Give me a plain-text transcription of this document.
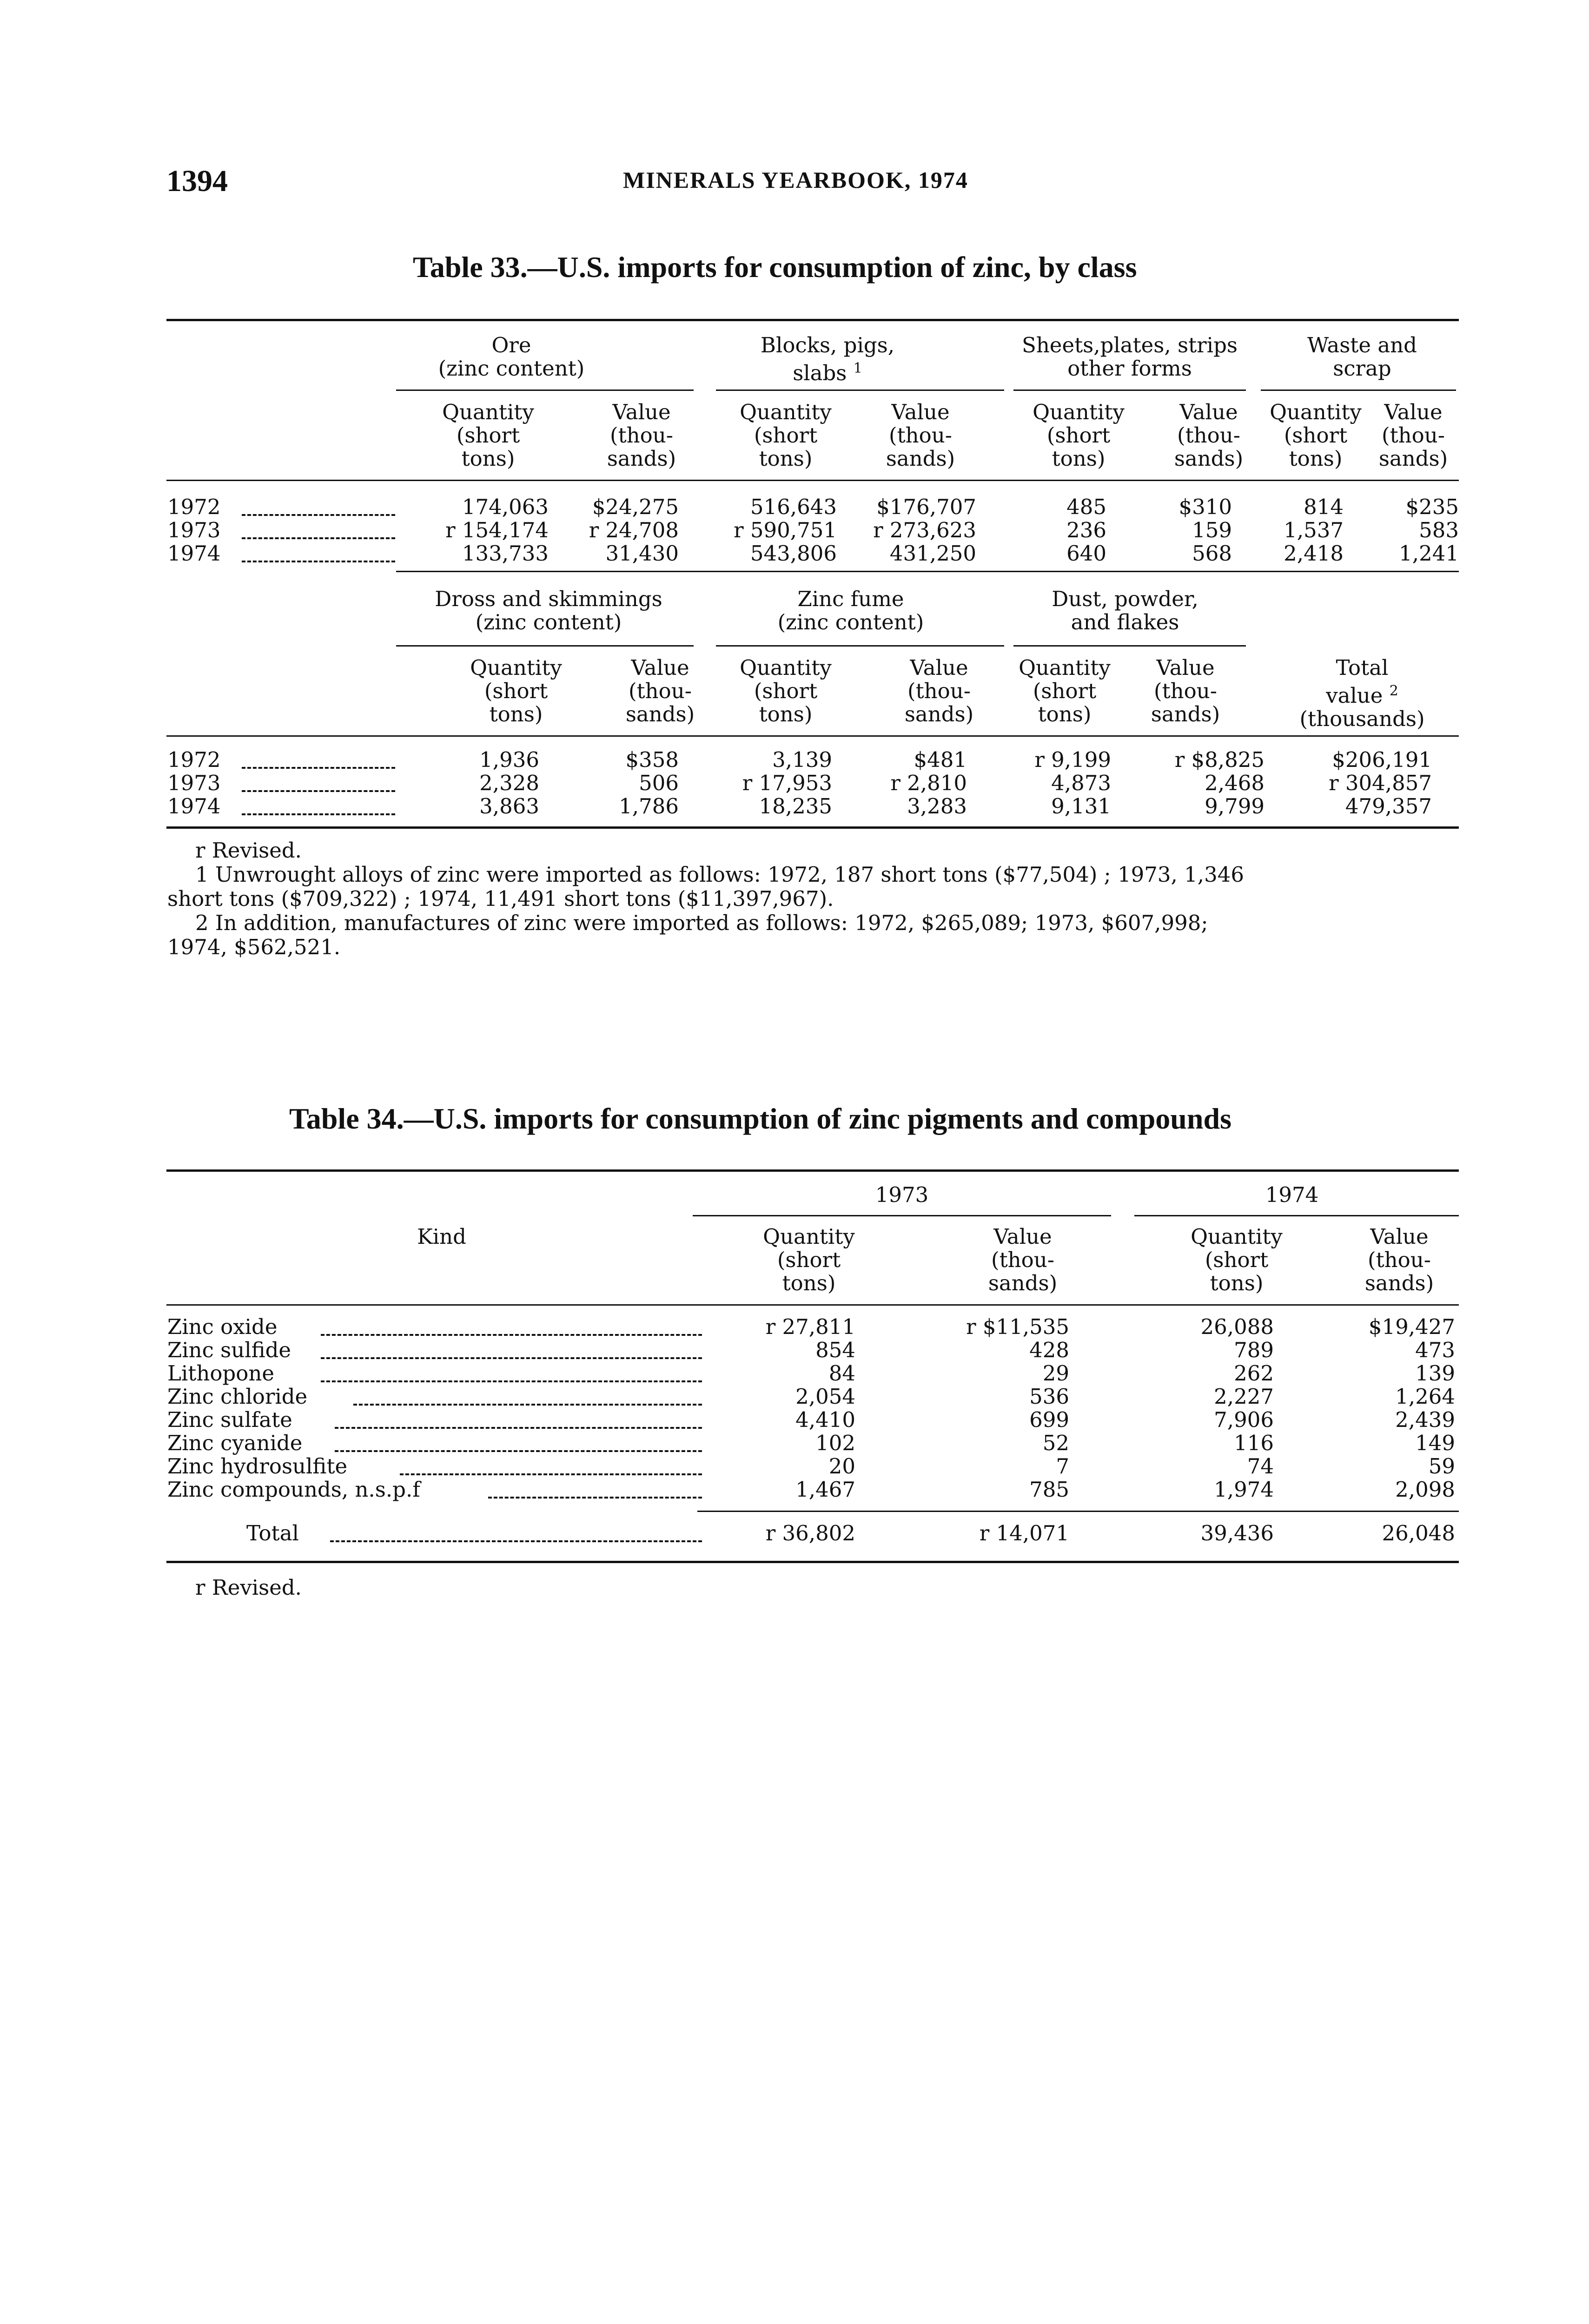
1394	MINERALS YEARBOOK, 1974
Table 33.—U.S. imports for consumption of zinc, by class
Ore
(zinc content)
Blocks, pigs,
slabs $^1$
Sheets,plates, strips
other forms
Waste and
scrap
Quantity
(short
tons)
Value
(thou-
sands)
Quantity
(short
tons)
Value
(thou-
sands)
Quantity
(short
tons)
Value
(thou-
sands)
Quantity
(short
tons)
Value
(thou-
sands)
1972	174,063	$24,275	516,643	$176,707	485	$310	814	$235
1973	r 154,174	r 24,708	r 590,751	r 273,623	236	159	1,537	583
1974	133,733	31,430	543,806	431,250	640	568	2,418	1,241
Dross and skimmings
(zinc content)
Zinc fume
(zinc content)
Dust, powder,
and flakes
Quantity
(short
tons)
Value
(thou-
sands)
Quantity
(short
tons)
Value
(thou-
sands)
Quantity
(short
tons)
Value
(thou-
sands)
Total
value $^2$
(thousands)
1972	1,936	$358	3,139	$481	r 9,199	r $8,825	$206,191
1973	2,328	506	r 17,953	r 2,810	4,873	2,468	r 304,857
1974	3,863	1,786	18,235	3,283	9,131	9,799	479,357
r Revised.
1 Unwrought alloys of zinc were imported as follows: 1972, 187 short tons ($77,504) ; 1973, 1,346
short tons ($709,322) ; 1974, 11,491 short tons ($11,397,967).
2 In addition, manufactures of zinc were imported as follows: 1972, $265,089; 1973, $607,998;
1974, $562,521.
Table 34.—U.S. imports for consumption of zinc pigments and compounds
1973	1974
Kind	Quantity
(short
tons)
Value
(thou-
sands)
Quantity
(short
tons)
Value
(thou-
sands)
Zinc oxide	r 27,811	r $11,535	26,088	$19,427
Zinc sulfide	854	428	789	473
Lithopone	84	29	262	139
Zinc chloride	2,054	536	2,227	1,264
Zinc sulfate	4,410	699	7,906	2,439
Zinc cyanide	102	52	116	149
Zinc hydrosulfite	20	7	74	59
Zinc compounds, n.s.p.f	1,467	785	1,974	2,098
Total	r 36,802	r 14,071	39,436	26,048
r Revised.
